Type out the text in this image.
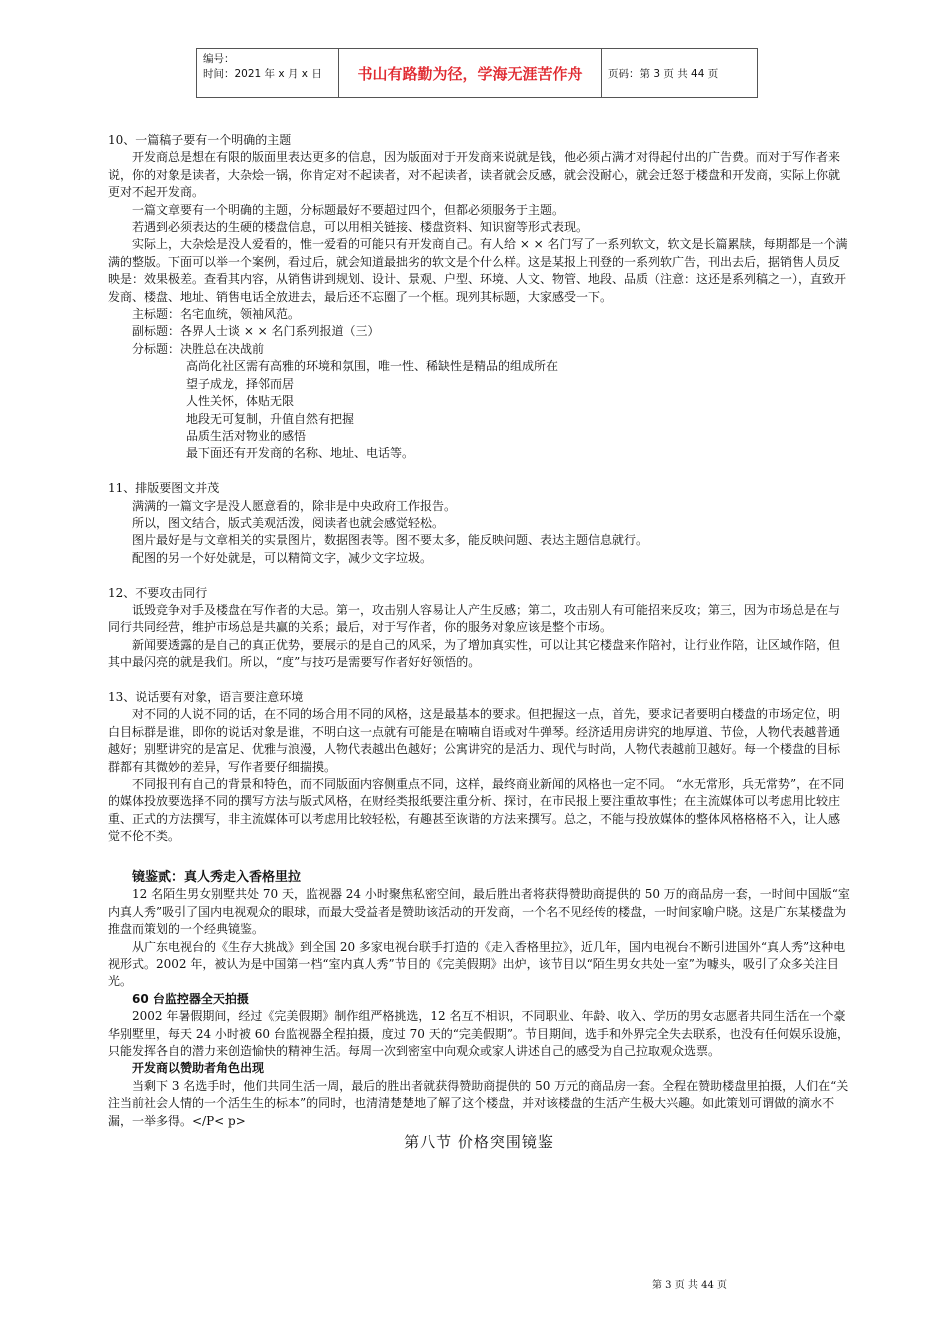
编号：
时间：2021 年 x 月 x 日	书山有路勤为径，学海无涯苦作舟	页码：第 3 页 共 44 页

10、一篇稿子要有一个明确的主题

开发商总是想在有限的版面里表达更多的信息，因为版面对于开发商来说就是钱，他必须占满才对得起付出的广告费。而对于写作者来说，你的对象是读者，大杂烩一锅，你肯定对不起读者，对不起读者，读者就会反感，就会没耐心，就会迁怒于楼盘和开发商，实际上你就更对不起开发商。

一篇文章要有一个明确的主题，分标题最好不要超过四个，但都必须服务于主题。

若遇到必须表达的生硬的楼盘信息，可以用相关链接、楼盘资料、知识窗等形式表现。

实际上，大杂烩是没人爱看的，惟一爱看的可能只有开发商自己。有人给 × × 名门写了一系列软文，软文是长篇累牍，每期都是一个满满的整版。下面可以举一个案例，看过后，就会知道最拙劣的软文是个什么样。这是某报上刊登的一系列软广告，刊出去后，据销售人员反映是：效果极差。查看其内容，从销售讲到规划、设计、景观、户型、环境、人文、物管、地段、品质（注意：这还是系列稿之一），直致开发商、楼盘、地址、销售电话全放进去，最后还不忘圈了一个框。现列其标题，大家感受一下。

主标题：名宅血统，领袖风范。

副标题：各界人士谈 × × 名门系列报道（三）

分标题：决胜总在决战前

高尚化社区需有高雅的环境和氛围，唯一性、稀缺性是精品的组成所在

望子成龙，择邻而居

人性关怀，体贴无限

地段无可复制，升值自然有把握

品质生活对物业的感悟

最下面还有开发商的名称、地址、电话等。

11、排版要图文并茂

满满的一篇文字是没人愿意看的，除非是中央政府工作报告。

所以，图文结合，版式美观活泼，阅读者也就会感觉轻松。

图片最好是与文章相关的实景图片，数据图表等。图不要太多，能反映问题、表达主题信息就行。

配图的另一个好处就是，可以精简文字，减少文字垃圾。

12、不要攻击同行

诋毁竞争对手及楼盘在写作者的大忌。第一，攻击别人容易让人产生反感；第二，攻击别人有可能招来反攻；第三，因为市场总是在与同行共同经营，维护市场总是共赢的关系；最后，对于写作者，你的服务对象应该是整个市场。

新闻要透露的是自己的真正优势，要展示的是自己的风采，为了增加真实性，可以让其它楼盘来作陪衬，让行业作陪，让区域作陪，但其中最闪亮的就是我们。所以，“度”与技巧是需要写作者好好领悟的。

13、说话要有对象，语言要注意环境

对不同的人说不同的话，在不同的场合用不同的风格，这是最基本的要求。但把握这一点，首先，要求记者要明白楼盘的市场定位，明白目标群是谁，即你的说话对象是谁，不明白这一点就有可能是在喃喃自语或对牛弹琴。经济适用房讲究的地厚道、节俭，人物代表越普通越好；别墅讲究的是富足、优雅与浪漫，人物代表越出色越好；公寓讲究的是活力、现代与时尚，人物代表越前卫越好。每一个楼盘的目标群都有其微妙的差异，写作者要仔细揣摸。

不同报刊有自己的背景和特色，而不同版面内容侧重点不同，这样，最终商业新闻的风格也一定不同。 “水无常形，兵无常势”，在不同的媒体投放要选择不同的撰写方法与版式风格，在财经类报纸要注重分析、探讨，在市民报上要注重故事性；在主流媒体可以考虑用比较庄重、正式的方法撰写，非主流媒体可以考虑用比较轻松，有趣甚至诙谐的方法来撰写。总之，不能与投放媒体的整体风格格格不入，让人感觉不伦不类。

镜鉴贰：真人秀走入香格里拉

12 名陌生男女别墅共处 70 天，监视器 24 小时聚焦私密空间，最后胜出者将获得赞助商提供的 50 万的商品房一套，一时间中国版“室内真人秀”吸引了国内电视观众的眼球，而最大受益者是赞助该活动的开发商，一个名不见经传的楼盘，一时间家喻户晓。这是广东某楼盘为推盘而策划的一个经典镜鉴。

从广东电视台的《生存大挑战》到全国 20 多家电视台联手打造的《走入香格里拉》，近几年，国内电视台不断引进国外“真人秀”这种电视形式。2002 年，被认为是中国第一档“室内真人秀”节目的《完美假期》出炉，该节目以“陌生男女共处一室”为噱头，吸引了众多关注目光。

60 台监控器全天拍摄

2002 年暑假期间，经过《完美假期》制作组严格挑选，12 名互不相识，不同职业、年龄、收入、学历的男女志愿者共同生活在一个豪华别墅里，每天 24 小时被 60 台监视器全程拍摄，度过 70 天的“完美假期”。节目期间，选手和外界完全失去联系，也没有任何娱乐设施，只能发挥各自的潜力来创造愉快的精神生活。每周一次到密室中向观众或家人讲述自己的感受为自己拉取观众选票。

开发商以赞助者角色出现

当剩下 3 名选手时，他们共同生活一周，最后的胜出者就获得赞助商提供的 50 万元的商品房一套。全程在赞助楼盘里拍摄，人们在“关注当前社会人情的一个活生生的标本”的同时，也清清楚楚地了解了这个楼盘，并对该楼盘的生活产生极大兴趣。如此策划可谓做的滴水不漏，一举多得。</P< p>

第八节 价格突围镜鉴

第 3 页 共 44 页
